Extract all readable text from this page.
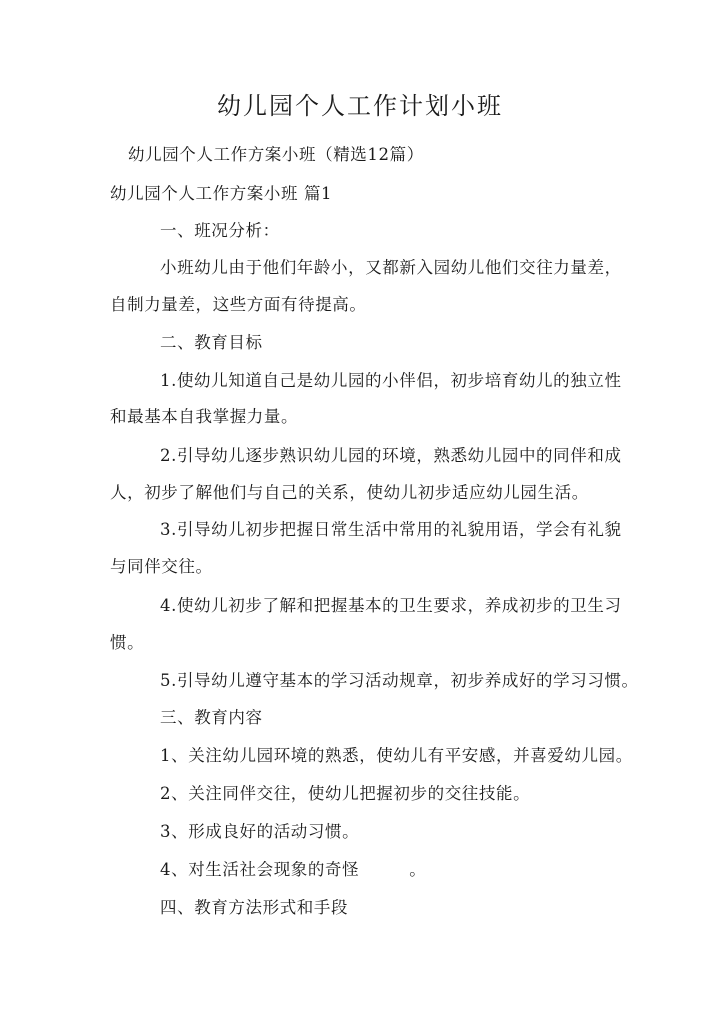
幼儿园个人工作计划小班
幼儿园个人工作方案小班（精选12篇）
幼儿园个人工作方案小班 篇1
一、班况分析：
小班幼儿由于他们年龄小，又都新入园幼儿他们交往力量差，
自制力量差，这些方面有待提高。
二、教育目标
1.使幼儿知道自己是幼儿园的小伴侣，初步培育幼儿的独立性
和最基本自我掌握力量。
2.引导幼儿逐步熟识幼儿园的环境，熟悉幼儿园中的同伴和成
人，初步了解他们与自己的关系，使幼儿初步适应幼儿园生活。
3.引导幼儿初步把握日常生活中常用的礼貌用语，学会有礼貌
与同伴交往。
4.使幼儿初步了解和把握基本的卫生要求，养成初步的卫生习
惯。
5.引导幼儿遵守基本的学习活动规章，初步养成好的学习习惯。
三、教育内容
1、关注幼儿园环境的熟悉，使幼儿有平安感，并喜爱幼儿园。
2、关注同伴交往，使幼儿把握初步的交往技能。
3、形成良好的活动习惯。
4、对生活社会现象的奇怪	。
四、教育方法形式和手段
